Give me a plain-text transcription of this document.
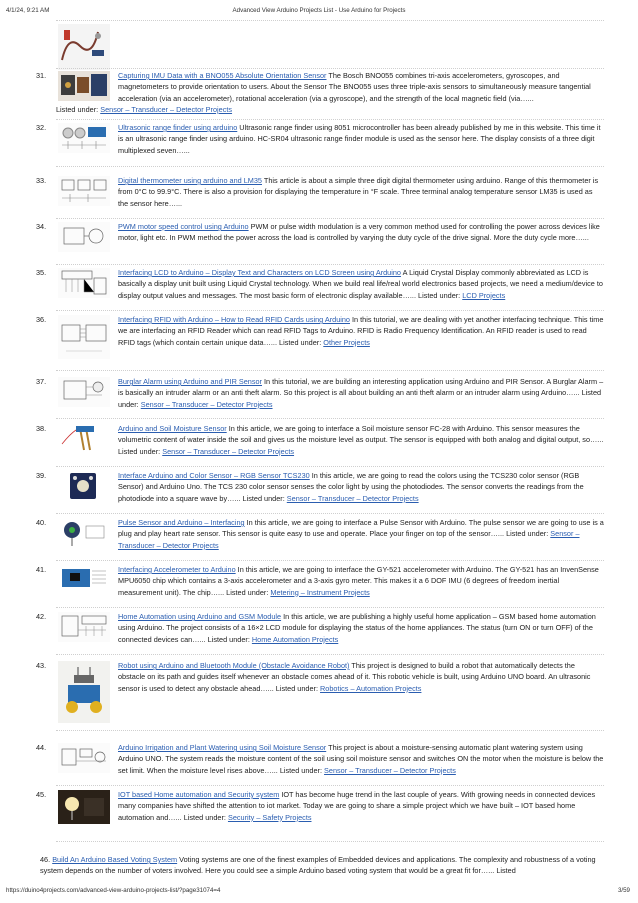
4/1/24, 9:21 AM	Advanced View Arduino Projects List - Use Arduino for Projects
31.	Capturing IMU Data with a BNO055 Absolute Orientation Sensor The Bosch BNO055 combines tri-axis accelerometers, gyroscopes, and magnetometers to provide orientation to users. About the Sensor The BNO055 uses three triple-axis sensors to simultaneously measure tangential acceleration (via an accelerometer), rotational acceleration (via a gyroscope), and the strength of the local magnetic field (via…...
Listed under: Sensor – Transducer – Detector Projects
32.	Ultrasonic range finder using arduino Ultrasonic range finder using 8051 microcontroller has been already published by me in this website. This time it is an ultrasonic range finder using arduino. HC-SR04 ultrasonic range finder module is used as the sensor here. The display consists of a three digit multiplexed seven…...
33.	Digital thermometer using arduino and LM35 This article is about a simple three digit digital thermometer using arduino. Range of this thermometer is from 0°C to 99.9°C. There is also a provision for displaying the temperature in °F scale. Three terminal analog temperature sensor LM35 is used as the sensor here…...
34.	PWM motor speed control using Arduino PWM or pulse width modulation is a very common method used for controlling the power across devices like motor, light etc. In PWM method the power across the load is controlled by varying the duty cycle of the drive signal. More the duty cycle more…...
35.	Interfacing LCD to Arduino – Display Text and Characters on LCD Screen using Arduino A Liquid Crystal Display commonly abbreviated as LCD is basically a display unit built using Liquid Crystal technology. When we build real life/real world electronics based projects, we need a medium/device to display output values and messages. The most basic form of electronic display available…... Listed under: LCD Projects
36.	Interfacing RFID with Arduino – How to Read RFID Cards using Arduino In this tutorial, we are dealing with yet another interfacing technique. This time we are interfacing an RFID Reader which can read RFID Tags to Arduino. RFID is Radio Frequency Identification. An RFID reader is used to read RFID tags (which contain certain unique data…... Listed under: Other Projects
37.	Burglar Alarm using Arduino and PIR Sensor In this tutorial, we are building an interesting application using Arduino and PIR Sensor. A Burglar Alarm – is basically an intruder alarm or an anti theft alarm. So this project is all about building an anti theft alarm or an intruder alarm using Arduino…... Listed under: Sensor – Transducer – Detector Projects
38.	Arduino and Soil Moisture Sensor In this article, we are going to interface a Soil moisture sensor FC-28 with Arduino. This sensor measures the volumetric content of water inside the soil and gives us the moisture level as output. The sensor is equipped with both analog and digital output, so…... Listed under: Sensor – Transducer – Detector Projects
39.	Interface Arduino and Color Sensor – RGB Sensor TCS230 In this article, we are going to read the colors using the TCS230 color sensor (RGB Sensor) and Arduino Uno. The TCS 230 color sensor senses the color light by using the photodiodes. The sensor converts the readings from the photodiode into a square wave by…... Listed under: Sensor – Transducer – Detector Projects
40.	Pulse Sensor and Arduino – Interfacing In this article, we are going to interface a Pulse Sensor with Arduino. The pulse sensor we are going to use is a plug and play heart rate sensor. This sensor is quite easy to use and operate. Place your finger on top of the sensor…... Listed under: Sensor – Transducer – Detector Projects
41.	Interfacing Accelerometer to Arduino In this article, we are going to interface the GY-521 accelerometer with Arduino. The GY-521 has an InvenSense MPU6050 chip which contains a 3-axis accelerometer and a 3-axis gyro meter. This makes it a 6 DOF IMU (6 degrees of freedom inertial measurement unit). The chip…... Listed under: Metering – Instrument Projects
42.	Home Automation using Arduino and GSM Module In this article, we are publishing a highly useful home application – GSM based home automation using Arduino. The project consists of a 16×2 LCD module for displaying the status of the home appliances. The status (turn ON or turn OFF) of the connected devices can…... Listed under: Home Automation Projects
43.	Robot using Arduino and Bluetooth Module (Obstacle Avoidance Robot) This project is designed to build a robot that automatically detects the obstacle on its path and guides itself whenever an obstacle comes ahead of it. This robotic vehicle is built, using Arduino UNO board. An ultrasonic sensor is used to detect any obstacle ahead…... Listed under: Robotics – Automation Projects
44.	Arduino Irrigation and Plant Watering using Soil Moisture Sensor This project is about a moisture-sensing automatic plant watering system using Arduino UNO. The system reads the moisture content of the soil using soil moisture sensor and switches ON the motor when the moisture is below the set limit. When the moisture level rises above…... Listed under: Sensor – Transducer – Detector Projects
45.	IOT based Home automation and Security system IOT has become huge trend in the last couple of years. With growing needs in connected devices many companies have shifted the attention to iot market. Today we are going to share a simple project which we have built – IOT based home automation and…... Listed under: Security – Safety Projects
46. Build An Arduino Based Voting System Voting systems are one of the finest examples of Embedded devices and applications. The complexity and robustness of a voting system depends on the number of voters involved. Here you could see a simple Arduino based voting system that would be a great fit for…... Listed
https://duino4projects.com/advanced-view-arduino-projects-list/?page31074=4	3/59
